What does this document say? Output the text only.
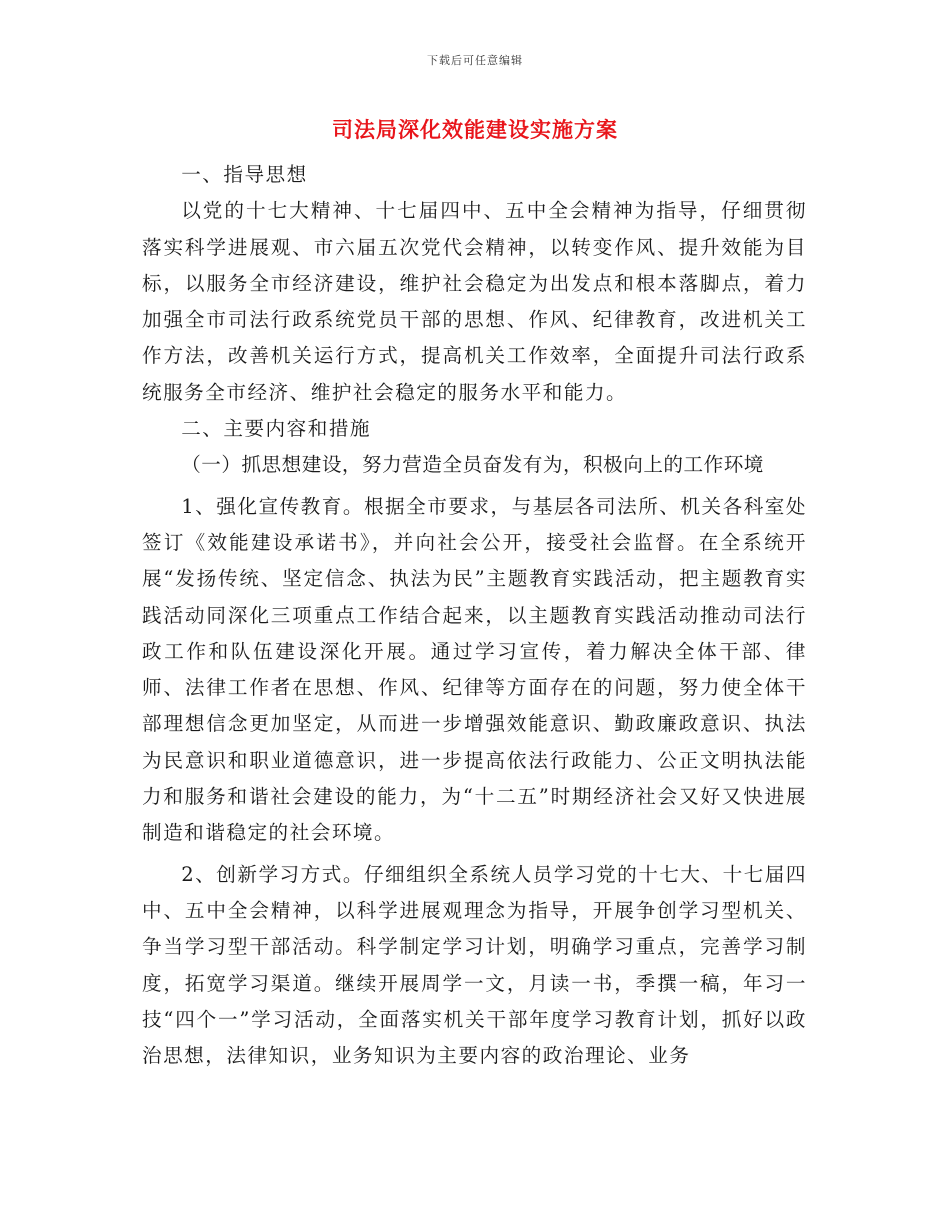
下载后可任意编辑
司法局深化效能建设实施方案

一、指导思想

以党的十七大精神、十七届四中、五中全会精神为指导，仔细贯彻落实科学进展观、市六届五次党代会精神，以转变作风、提升效能为目标，以服务全市经济建设，维护社会稳定为出发点和根本落脚点，着力加强全市司法行政系统党员干部的思想、作风、纪律教育，改进机关工作方法，改善机关运行方式，提高机关工作效率，全面提升司法行政系统服务全市经济、维护社会稳定的服务水平和能力。

二、主要内容和措施

（一）抓思想建设，努力营造全员奋发有为，积极向上的工作环境

1、强化宣传教育。根据全市要求，与基层各司法所、机关各科室处签订《效能建设承诺书》，并向社会公开，接受社会监督。在全系统开展“发扬传统、坚定信念、执法为民”主题教育实践活动，把主题教育实践活动同深化三项重点工作结合起来，以主题教育实践活动推动司法行政工作和队伍建设深化开展。通过学习宣传，着力解决全体干部、律师、法律工作者在思想、作风、纪律等方面存在的问题，努力使全体干部理想信念更加坚定，从而进一步增强效能意识、勤政廉政意识、执法为民意识和职业道德意识，进一步提高依法行政能力、公正文明执法能力和服务和谐社会建设的能力，为“十二五”时期经济社会又好又快进展制造和谐稳定的社会环境。

2、创新学习方式。仔细组织全系统人员学习党的十七大、十七届四中、五中全会精神，以科学进展观理念为指导，开展争创学习型机关、争当学习型干部活动。科学制定学习计划，明确学习重点，完善学习制度，拓宽学习渠道。继续开展周学一文，月读一书，季撰一稿，年习一技“四个一”学习活动，全面落实机关干部年度学习教育计划，抓好以政治思想，法律知识，业务知识为主要内容的政治理论、业务
